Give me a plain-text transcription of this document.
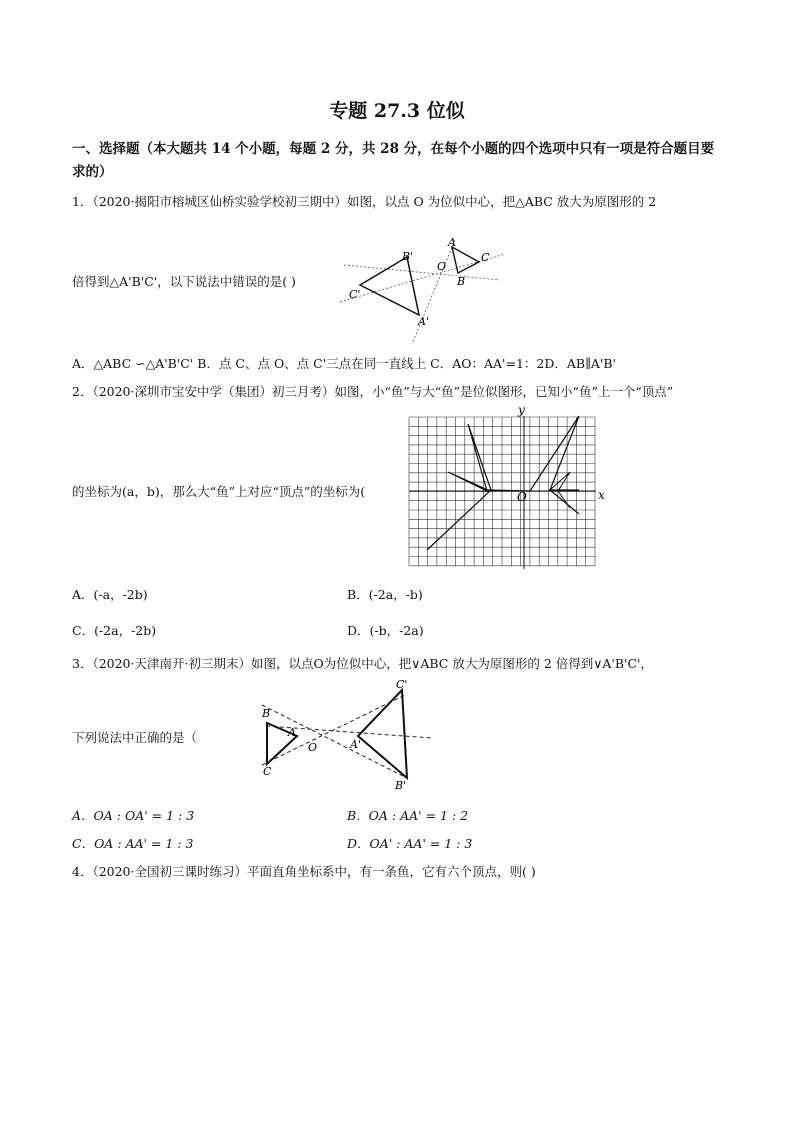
专题 27.3 位似
一、选择题（本大题共 14 个小题，每题 2 分，共 28 分，在每个小题的四个选项中只有一项是符合题目要
求的）
1．（2020·揭阳市榕城区仙桥实验学校初三期中）如图，以点 O 为位似中心，把△ABC 放大为原图形的 2
倍得到△A'B'C'，以下说法中错误的是( )
A
B
C
O
A'
B'
C'
A．△ABC ∽△A'B'C' B．点 C、点 O、点 C'三点在同一直线上 C．AO：AA'=1：2D．AB∥A'B'
2．（2020·深圳市宝安中学（集团）初三月考）如图，小“鱼”与大“鱼”是位似图形，已知小“鱼”上一个“顶点”
x
y
O
的坐标为(a，b)，那么大“鱼”上对应“顶点”的坐标为(
A．(-a，-2b)	B．(-2a，-b)
C．(-2a，-2b)	D．(-b，-2a)
3．（2020·天津南开·初三期末）如图，以点O为位似中心，把∨ABC 放大为原图形的 2 倍得到∨A'B'C'，
下列说法中正确的是（
B
C
A
O	A'
C'
B'
A．OA : OA' = 1 : 3	B．OA : AA' = 1 : 2
C．OA : AA' = 1 : 3	D．OA' : AA' = 1 : 3
4．（2020·全国初三课时练习）平面直角坐标系中，有一条鱼，它有六个顶点，则( )
